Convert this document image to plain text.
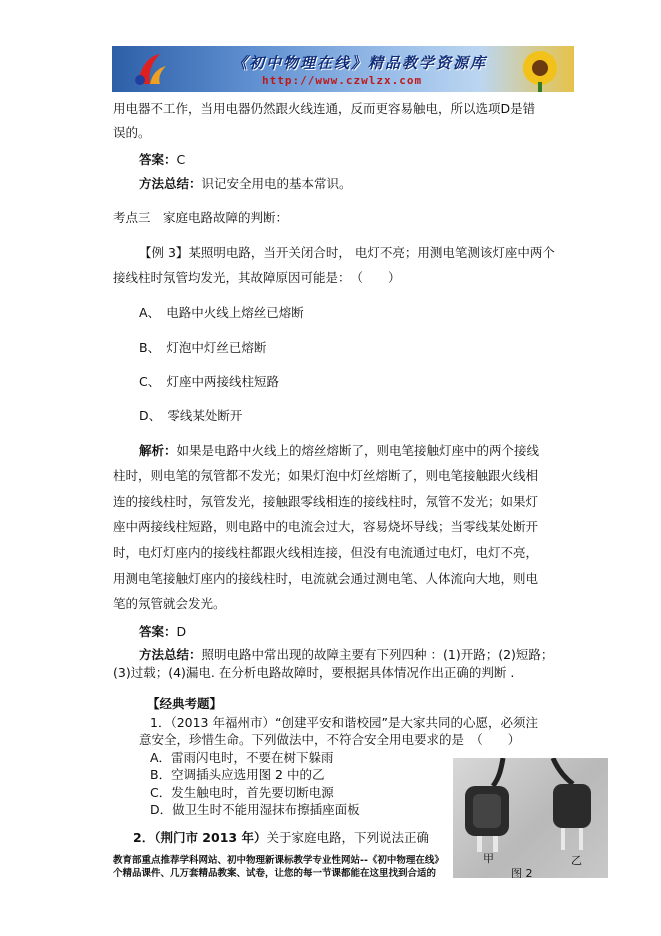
《初中物理在线》精品教学资源库
http://www.czwlzx.com
用电器不工作，当用电器仍然跟火线连通，反而更容易触电，所以选项D是错
误的。
答案：C
方法总结：识记安全用电的基本常识。
考点三　家庭电路故障的判断：
【例 3】某照明电路，当开关闭合时， 电灯不亮；用测电笔测该灯座中两个
接线柱时氖管均发光，其故障原因可能是：　（　　）
A、　电路中火线上熔丝已熔断
B、　灯泡中灯丝已熔断
C、　灯座中两接线柱短路
D、　零线某处断开
解析：如果是电路中火线上的熔丝熔断了，则电笔接触灯座中的两个接线
柱时，则电笔的氖管都不发光；如果灯泡中灯丝熔断了，则电笔接触跟火线相
连的接线柱时，氖管发光，接触跟零线相连的接线柱时，氖管不发光；如果灯
座中两接线柱短路，则电路中的电流会过大，容易烧坏导线；当零线某处断开
时，电灯灯座内的接线柱都跟火线相连接，但没有电流通过电灯，电灯不亮，
用测电笔接触灯座内的接线柱时，电流就会通过测电笔、人体流向大地，则电
笔的氖管就会发光。
答案：D
方法总结：照明电路中常出现的故障主要有下列四种 ：(1)开路；(2)短路；
(3)过载；(4)漏电. 在分析电路故障时，要根据具体情况作出正确的判断 .
【经典考题】
1．（2013 年福州市）“创建平安和谐校园”是大家共同的心愿，必须注
意安全，珍惜生命。下列做法中，不符合安全用电要求的是　（　　）
A．雷雨闪电时，不要在树下躲雨
B．空调插头应选用图 2 中的乙
C．发生触电时，首先要切断电源
D．做卫生时不能用湿抹布擦插座面板
2．（荆门市 2013 年）关于家庭电路，下列说法正确
甲	乙
图 2
教育部重点推荐学科网站、初中物理新课标教学专业性网站--《初中物理在线》
个精品课件、几万套精品教案、试卷，让您的每一节课都能在这里找到合适的
